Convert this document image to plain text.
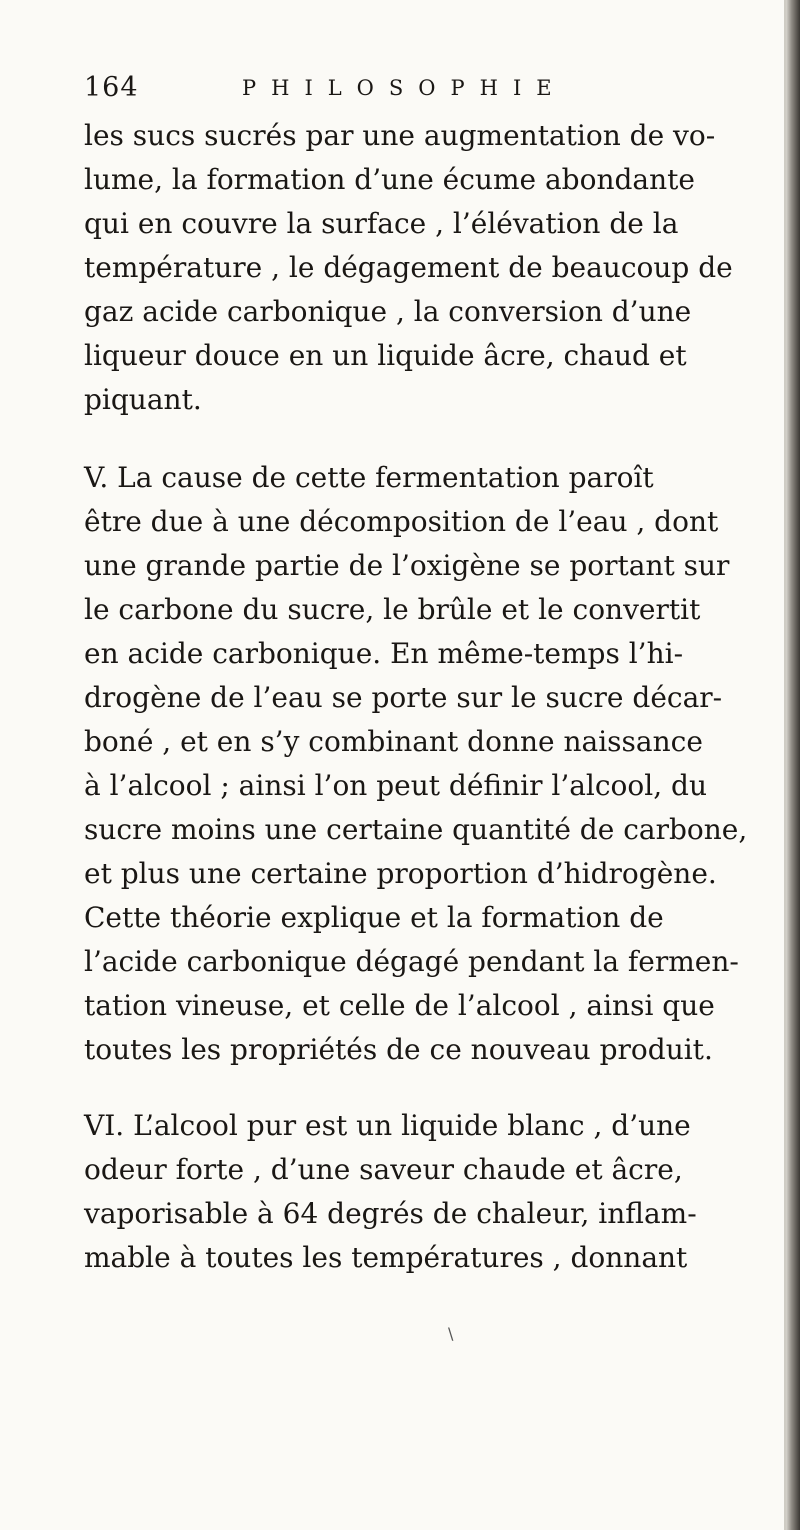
164	PHILOSOPHIE
les sucs sucrés par une augmentation de vo-
lume, la formation d’une écume abondante
qui en couvre la surface , l’élévation de la
température , le dégagement de beaucoup de
gaz acide carbonique , la conversion d’une
liqueur douce en un liquide âcre, chaud et
piquant.
V. La cause de cette fermentation paroît
être due à une décomposition de l’eau , dont
une grande partie de l’oxigène se portant sur
le carbone du sucre, le brûle et le convertit
en acide carbonique. En même-temps l’hi-
drogène de l’eau se porte sur le sucre décar-
boné , et en s’y combinant donne naissance
à l’alcool ; ainsi l’on peut définir l’alcool, du
sucre moins une certaine quantité de carbone,
et plus une certaine proportion d’hidrogène.
Cette théorie explique et la formation de
l’acide carbonique dégagé pendant la fermen-
tation vineuse, et celle de l’alcool , ainsi que
toutes les propriétés de ce nouveau produit.
VI. L’alcool pur est un liquide blanc , d’une
odeur forte , d’une saveur chaude et âcre,
vaporisable à 64 degrés de chaleur, inflam-
mable à toutes les températures , donnant
\
